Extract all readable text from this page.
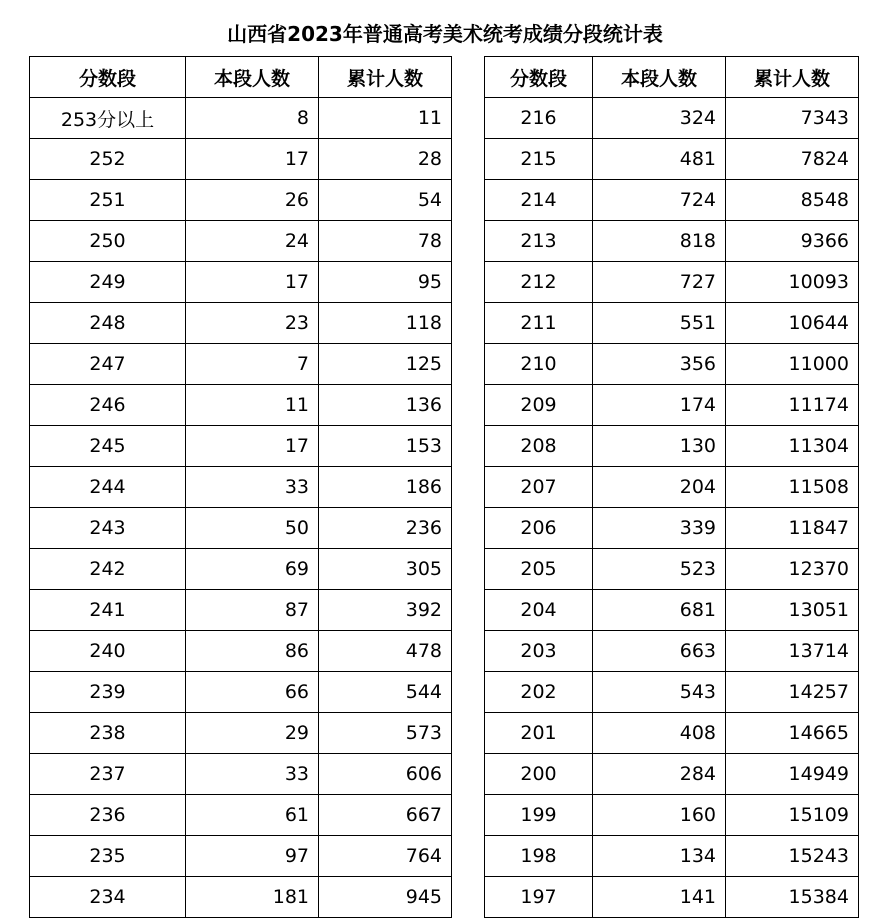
山西省2023年普通高考美术统考成绩分段统计表
分数段	本段人数	累计人数
253分以上	8	11
252	17	28
251	26	54
250	24	78
249	17	95
248	23	118
247	7	125
246	11	136
245	17	153
244	33	186
243	50	236
242	69	305
241	87	392
240	86	478
239	66	544
238	29	573
237	33	606
236	61	667
235	97	764
234	181	945
分数段	本段人数	累计人数
216	324	7343
215	481	7824
214	724	8548
213	818	9366
212	727	10093
211	551	10644
210	356	11000
209	174	11174
208	130	11304
207	204	11508
206	339	11847
205	523	12370
204	681	13051
203	663	13714
202	543	14257
201	408	14665
200	284	14949
199	160	15109
198	134	15243
197	141	15384
